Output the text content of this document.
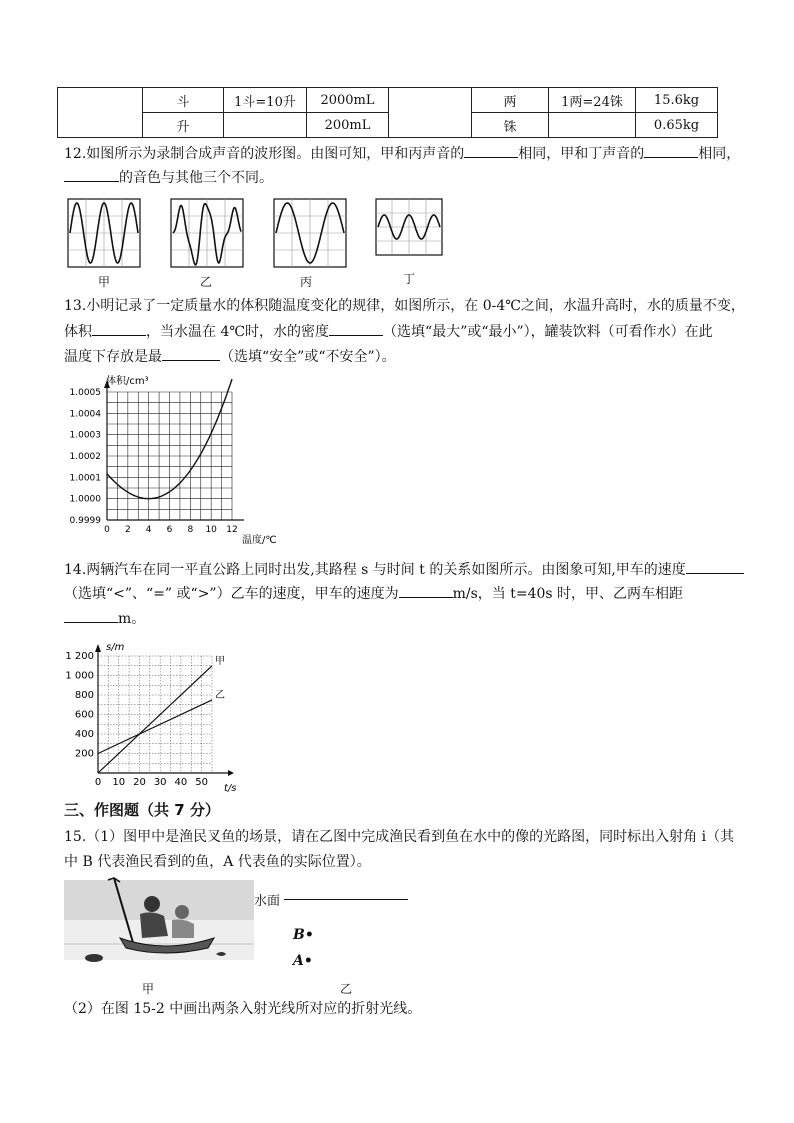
	斗	1斗=10升	2000mL		两	1两=24铢	15.6kg
	升		200mL		铢		0.65kg
12.如图所示为录制合成声音的波形图。由图可知，甲和丙声音的	相同，甲和丁声音的	相同，
的音色与其他三个不同。
甲	乙	丙	丁
13.小明记录了一定质量水的体积随温度变化的规律，如图所示，在 0-4℃之间，水温升高时，水的质量不变，
体积	，当水温在 4℃时，水的密度	（选填“最大”或“最小”），罐装饮料（可看作水）在此
温度下存放是最	（选填“安全”或“不安全”）。
0 2 4 6 8 10 12
0.9999
1.0000
1.0001
1.0002
1.0003
1.0004
1.0005
体积/cm³
温度/℃
14.两辆汽车在同一平直公路上同时出发,其路程 s 与时间 t 的关系如图所示。由图象可知,甲车的速度
（选填“<”、“=” 或“>”）乙车的速度，甲车的速度为	m/s，当 t=40s 时，甲、乙两车相距
m。
0 10 20 30 40 50
200
400
600
800
1 000
1 200	甲
乙
s/m
t/s
三、作图题（共 7 分）
15.（1）图甲中是渔民叉鱼的场景，请在乙图中完成渔民看到鱼在水中的像的光路图，同时标出入射角 i（其
中 B 代表渔民看到的鱼，A 代表鱼的实际位置）。
水面
B•
A•
甲	乙
（2）在图 15-2 中画出两条入射光线所对应的折射光线。
